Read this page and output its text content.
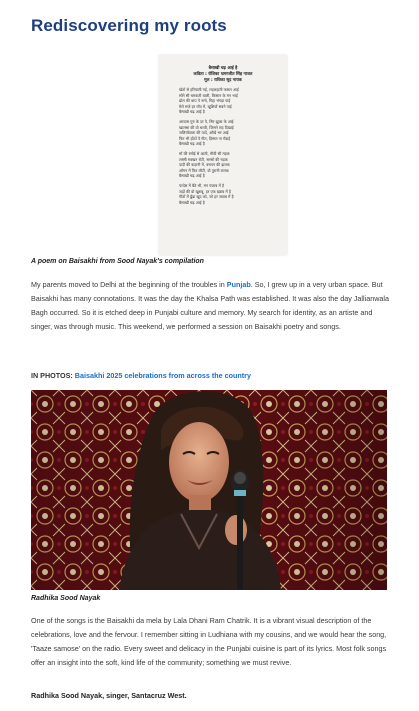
Rediscovering my roots
बैसाखी चढ़ आई है
कविता : रोशिका भ्रमरजीत सिंह नाजत
मूल : राधिका सूद नायक
खेतों से हरियाली गई, लहलहाती फसल आई
सोने सी चमकती बाली, किसान के मन भाई
ढोल की थाप पे नाचे, गिद्दा भंगड़ा पाई
मेले सजे हर गाँव में, खुशियाँ सबने पाई
बैसाखी चढ़ आई है
अरदास गुरु के दर पे, सिर झुका के आई
खालसा की वो धरती, जिसने राह दिखाई
जलियाँवाला की यादें, आँखें भर आई
फिर भी होंठों पे गीत, हिम्मत ना गँवाई
बैसाखी चढ़ आई है
माँ की रसोई से आती, मीठी सी महक
लस्सी मक्खन रोटी, सरसों की चहक
दादी की कहानी में, बचपन की झलक
आँगन में फिर लौटी, वो पुरानी ललक
बैसाखी चढ़ आई है
परदेस में बैठे भी, मन पंजाब में है
जड़ों की वो खुशबू, हर एक ख़्वाब में है
गीतों में ढूँढा खुद को, जो हर जवाब में है
बैसाखी चढ़ आई है

A poem on Baisakhi from Sood Nayak's compilation

My parents moved to Delhi at the beginning of the troubles in Punjab. So, I grew up in a very urban space. But Baisakhi has many connotations. It was the day the Khalsa Path was established. It was also the day Jallianwala Bagh occurred. So it is etched deep in Punjabi culture and memory. My search for identity, as an artiste and singer, was through music. This weekend, we performed a session on Baisakhi poetry and songs.

IN PHOTOS: Baisakhi 2025 celebrations from across the country

Radhika Sood Nayak

One of the songs is the Baisakhi da mela by Lala Dhani Ram Chatrik. It is a vibrant visual description of the celebrations, love and the fervour. I remember sitting in Ludhiana with my cousins, and we would hear the song, 'Taaze samose' on the radio. Every sweet and delicacy in the Punjabi cuisine is part of its lyrics. Most folk songs offer an insight into the soft, kind life of the community; something we must revive.

Radhika Sood Nayak, singer, Santacruz West.
